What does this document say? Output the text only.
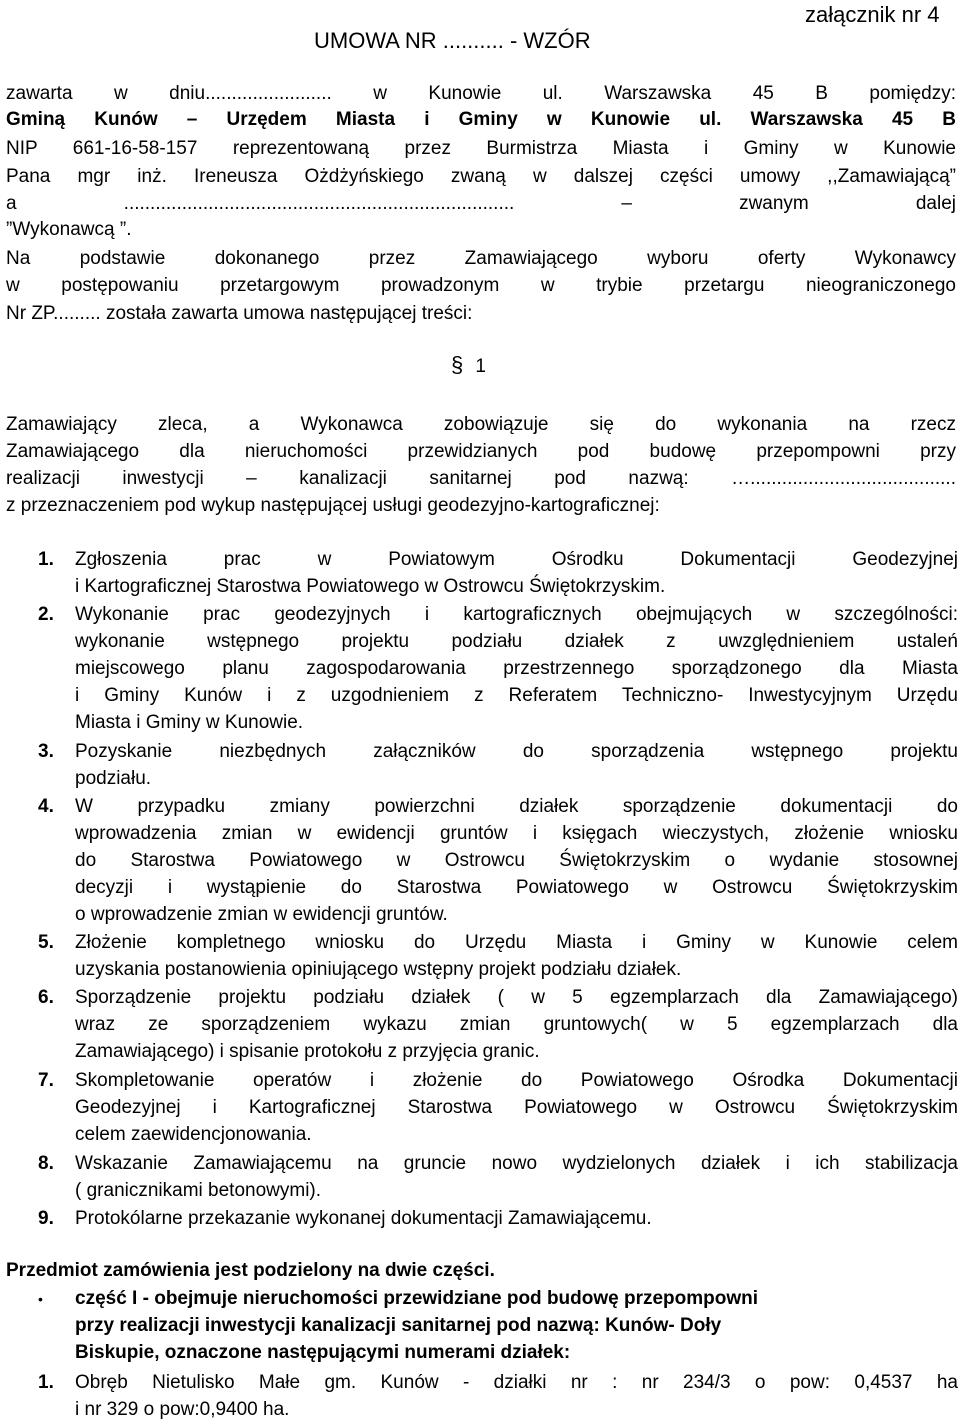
UMOWA NR .......... - WZÓR
załącznik nr 4
zawarta w dniu........................ w Kunowie ul. Warszawska 45 B pomiędzy:
Gminą Kunów – Urzędem Miasta i Gminy w Kunowie ul. Warszawska 45 B
NIP 661-16-58-157 reprezentowaną przez Burmistrza Miasta i Gminy w Kunowie
Pana mgr inż. Ireneusza Ożdżyńskiego zwaną w dalszej części umowy ,,Zamawiającą”
a .......................................................................... – zwanym dalej
”Wykonawcą ”.
Na podstawie dokonanego przez Zamawiającego wyboru oferty Wykonawcy
w postępowaniu przetargowym prowadzonym w trybie przetargu nieograniczonego
Nr ZP......... została zawarta umowa następującej treści:
§ 1
Zamawiający zleca, a Wykonawca zobowiązuje się do wykonania na rzecz
Zamawiającego dla nieruchomości przewidzianych pod budowę przepompowni przy
realizacji inwestycji – kanalizacji sanitarnej pod nazwą: ….......................................
z przeznaczeniem pod wykup następującej usługi geodezyjno-kartograficznej:
1. Zgłoszenia prac w Powiatowym Ośrodku Dokumentacji Geodezyjnej
i Kartograficznej Starostwa Powiatowego w Ostrowcu Świętokrzyskim.
2. Wykonanie prac geodezyjnych i kartograficznych obejmujących w szczególności:
wykonanie wstępnego projektu podziału działek z uwzględnieniem ustaleń
miejscowego planu zagospodarowania przestrzennego sporządzonego dla Miasta
i Gminy Kunów i z uzgodnieniem z Referatem Techniczno- Inwestycyjnym Urzędu
Miasta i Gminy w Kunowie.
3. Pozyskanie niezbędnych załączników do sporządzenia wstępnego projektu
podziału.
4. W przypadku zmiany powierzchni działek sporządzenie dokumentacji do
wprowadzenia zmian w ewidencji gruntów i księgach wieczystych, złożenie wniosku
do Starostwa Powiatowego w Ostrowcu Świętokrzyskim o wydanie stosownej
decyzji i wystąpienie do Starostwa Powiatowego w Ostrowcu Świętokrzyskim
o wprowadzenie zmian w ewidencji gruntów.
5. Złożenie kompletnego wniosku do Urzędu Miasta i Gminy w Kunowie celem
uzyskania postanowienia opiniującego wstępny projekt podziału działek.
6. Sporządzenie projektu podziału działek ( w 5 egzemplarzach dla Zamawiającego)
wraz ze sporządzeniem wykazu zmian gruntowych( w 5 egzemplarzach dla
Zamawiającego) i spisanie protokołu z przyjęcia granic.
7. Skompletowanie operatów i złożenie do Powiatowego Ośrodka Dokumentacji
Geodezyjnej i Kartograficznej Starostwa Powiatowego w Ostrowcu Świętokrzyskim
celem zaewidencjonowania.
8. Wskazanie Zamawiającemu na gruncie nowo wydzielonych działek i ich stabilizacja
( granicznikami betonowymi).
9. Protokólarne przekazanie wykonanej dokumentacji Zamawiającemu.
Przedmiot zamówienia jest podzielony na dwie części.
• część I - obejmuje nieruchomości przewidziane pod budowę przepompowni
przy realizacji inwestycji kanalizacji sanitarnej pod nazwą: Kunów- Doły
Biskupie, oznaczone następującymi numerami działek:
1. Obręb Nietulisko Małe gm. Kunów - działki nr : nr 234/3 o pow: 0,4537 ha
i nr 329 o pow:0,9400 ha.
